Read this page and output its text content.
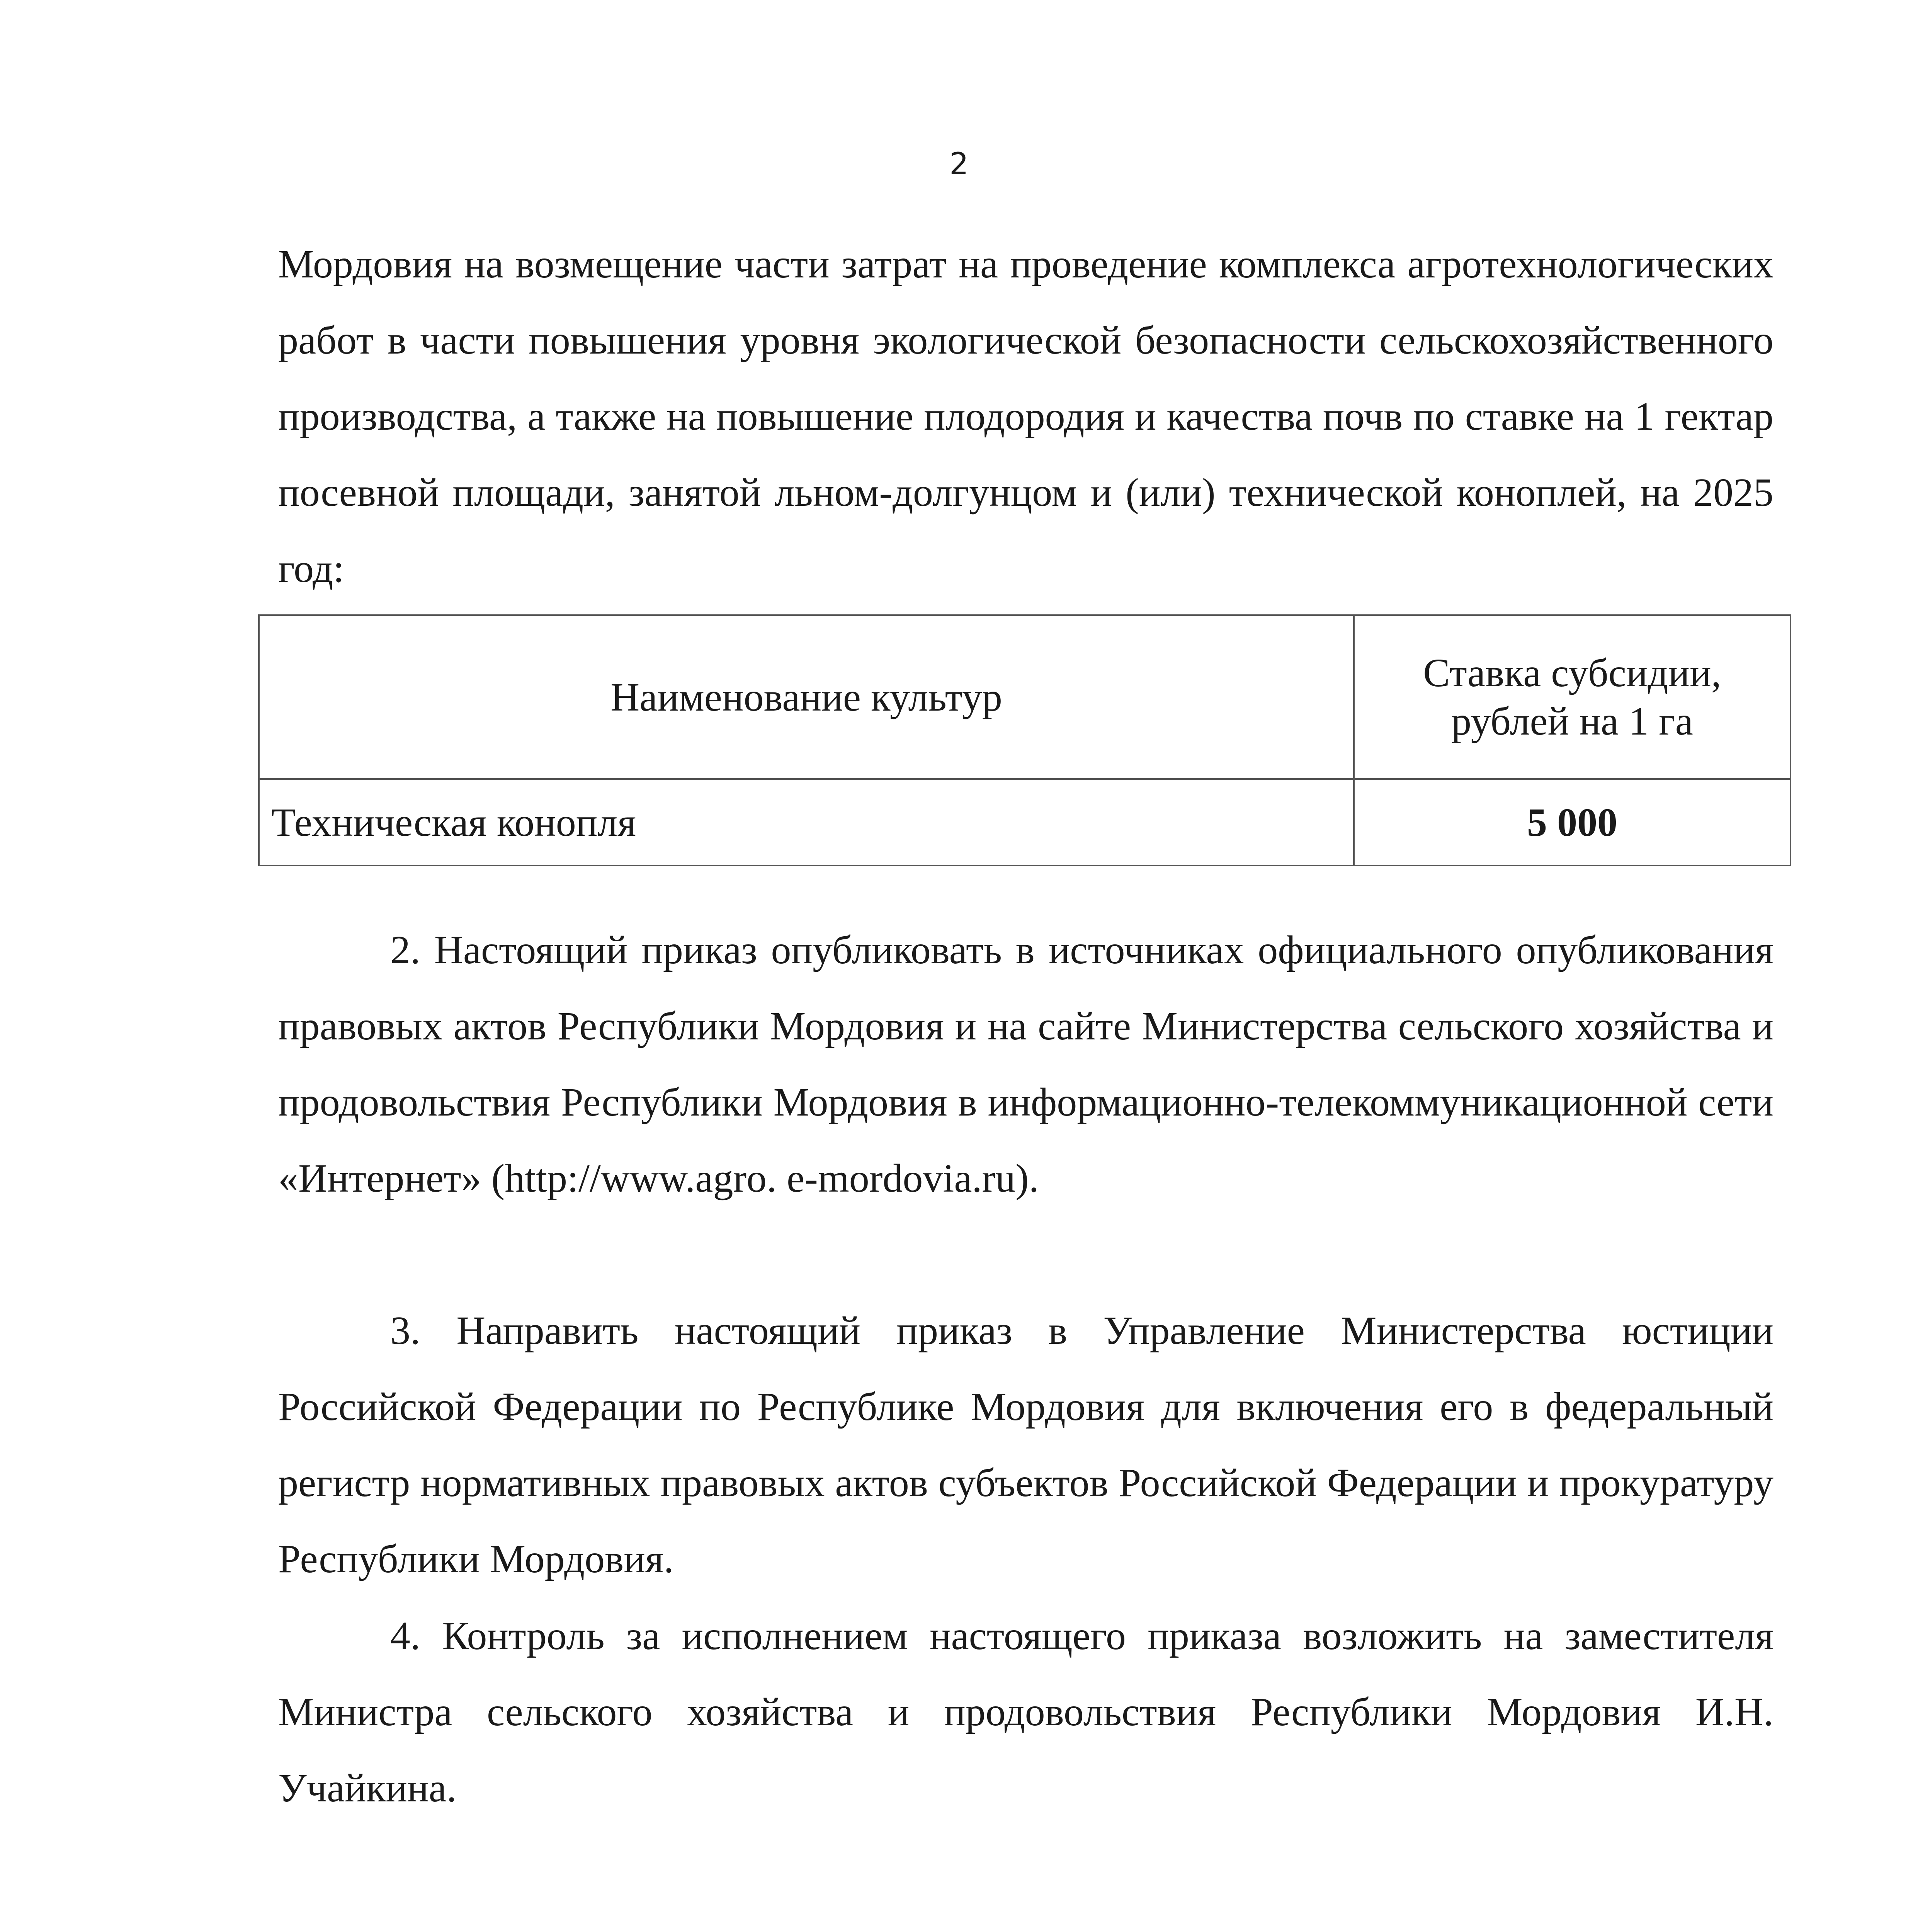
2

Мордовия на возмещение части затрат на проведение комплекса агротехнологических работ в части повышения уровня экологической безопасности сельскохозяйственного производства, а также на повышение плодородия и качества почв по ставке на 1 гектар посевной площади, занятой льном-долгунцом и (или) технической коноплей, на 2025 год:

Наименование культур	Ставка субсидии,
рублей на 1 га
Техническая конопля	5 000

2. Настоящий приказ опубликовать в источниках официального опубликования правовых актов Республики Мордовия и на сайте Министерства сельского хозяйства и продовольствия Республики Мордовия в информационно-телекоммуникационной сети «Интернет» (http://www.agro. e-mordovia.ru).

3. Направить настоящий приказ в Управление Министерства юстиции Российской Федерации по Республике Мордовия для включения его в федеральный регистр нормативных правовых актов субъектов Российской Федерации и прокуратуру Республики Мордовия.

4. Контроль за исполнением настоящего приказа возложить на заместителя Министра сельского хозяйства и продовольствия Республики Мордовия И.Н. Учайкина.
